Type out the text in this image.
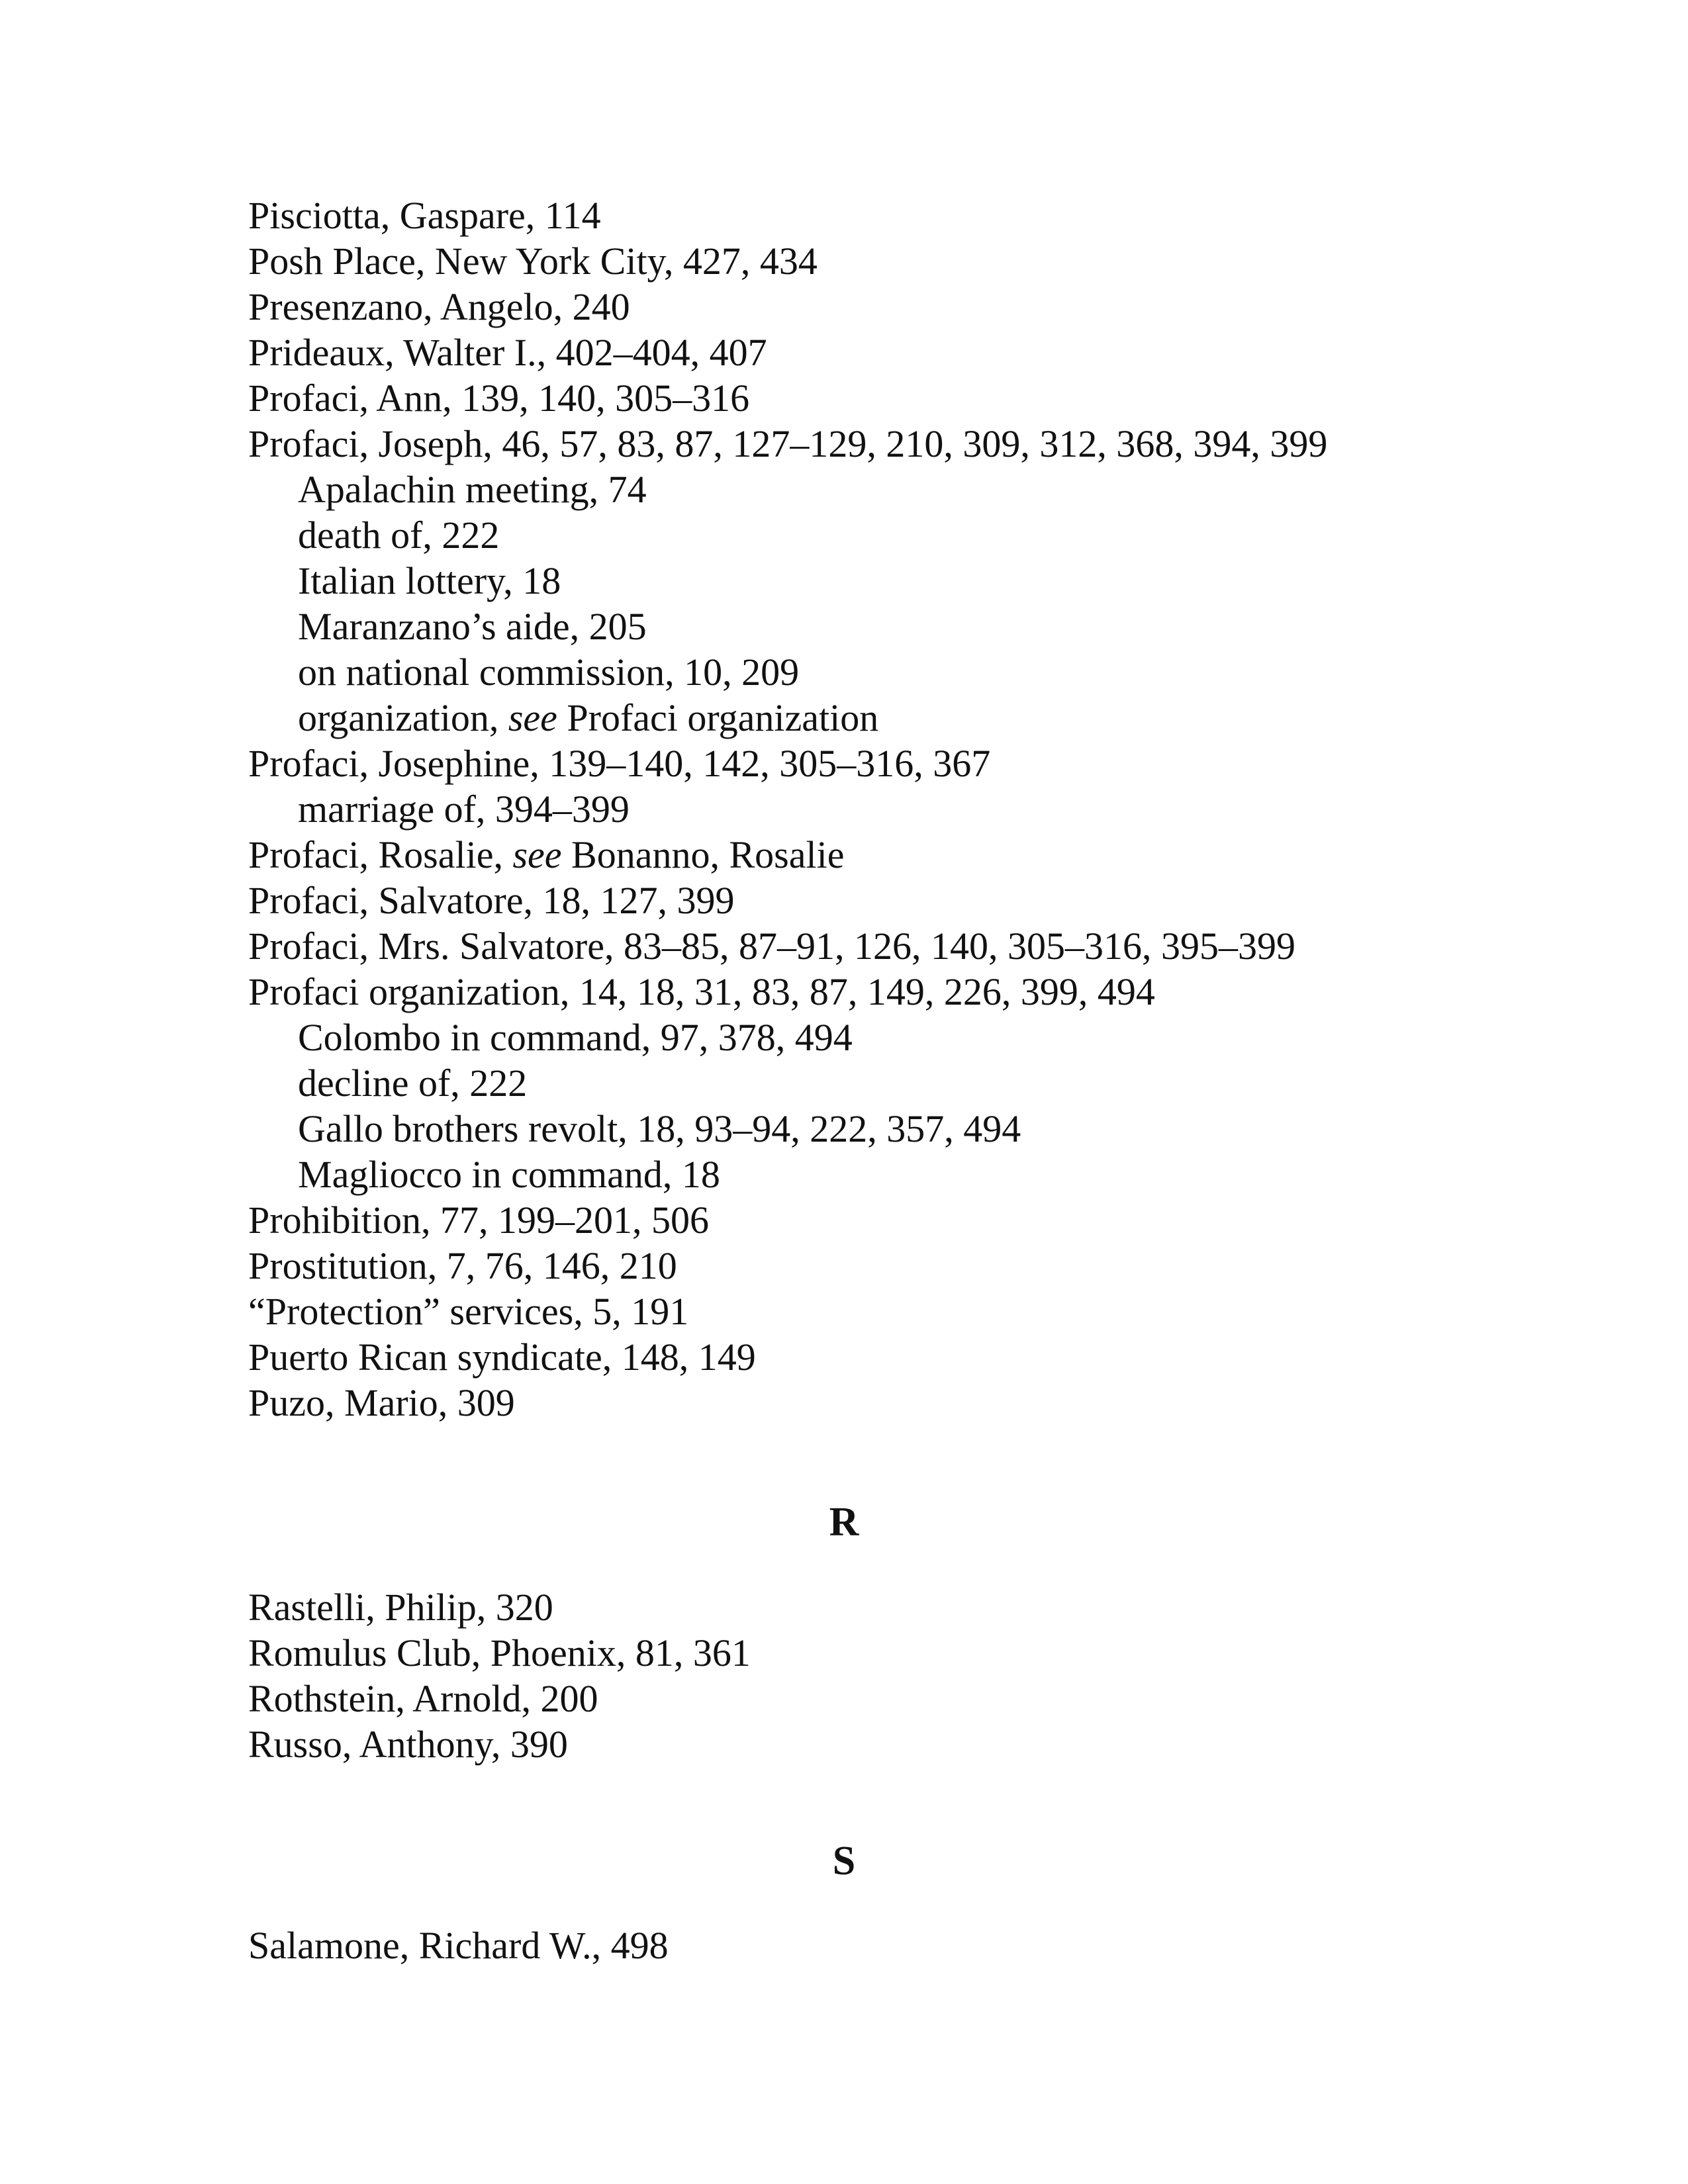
Pisciotta, Gaspare, 114
Posh Place, New York City, 427, 434
Presenzano, Angelo, 240
Prideaux, Walter I., 402–404, 407
Profaci, Ann, 139, 140, 305–316
Profaci, Joseph, 46, 57, 83, 87, 127–129, 210, 309, 312, 368, 394, 399
Apalachin meeting, 74
death of, 222
Italian lottery, 18
Maranzano’s aide, 205
on national commission, 10, 209
organization, see Profaci organization
Profaci, Josephine, 139–140, 142, 305–316, 367
marriage of, 394–399
Profaci, Rosalie, see Bonanno, Rosalie
Profaci, Salvatore, 18, 127, 399
Profaci, Mrs. Salvatore, 83–85, 87–91, 126, 140, 305–316, 395–399
Profaci organization, 14, 18, 31, 83, 87, 149, 226, 399, 494
Colombo in command, 97, 378, 494
decline of, 222
Gallo brothers revolt, 18, 93–94, 222, 357, 494
Magliocco in command, 18
Prohibition, 77, 199–201, 506
Prostitution, 7, 76, 146, 210
“Protection” services, 5, 191
Puerto Rican syndicate, 148, 149
Puzo, Mario, 309
R
Rastelli, Philip, 320
Romulus Club, Phoenix, 81, 361
Rothstein, Arnold, 200
Russo, Anthony, 390
S
Salamone, Richard W., 498
